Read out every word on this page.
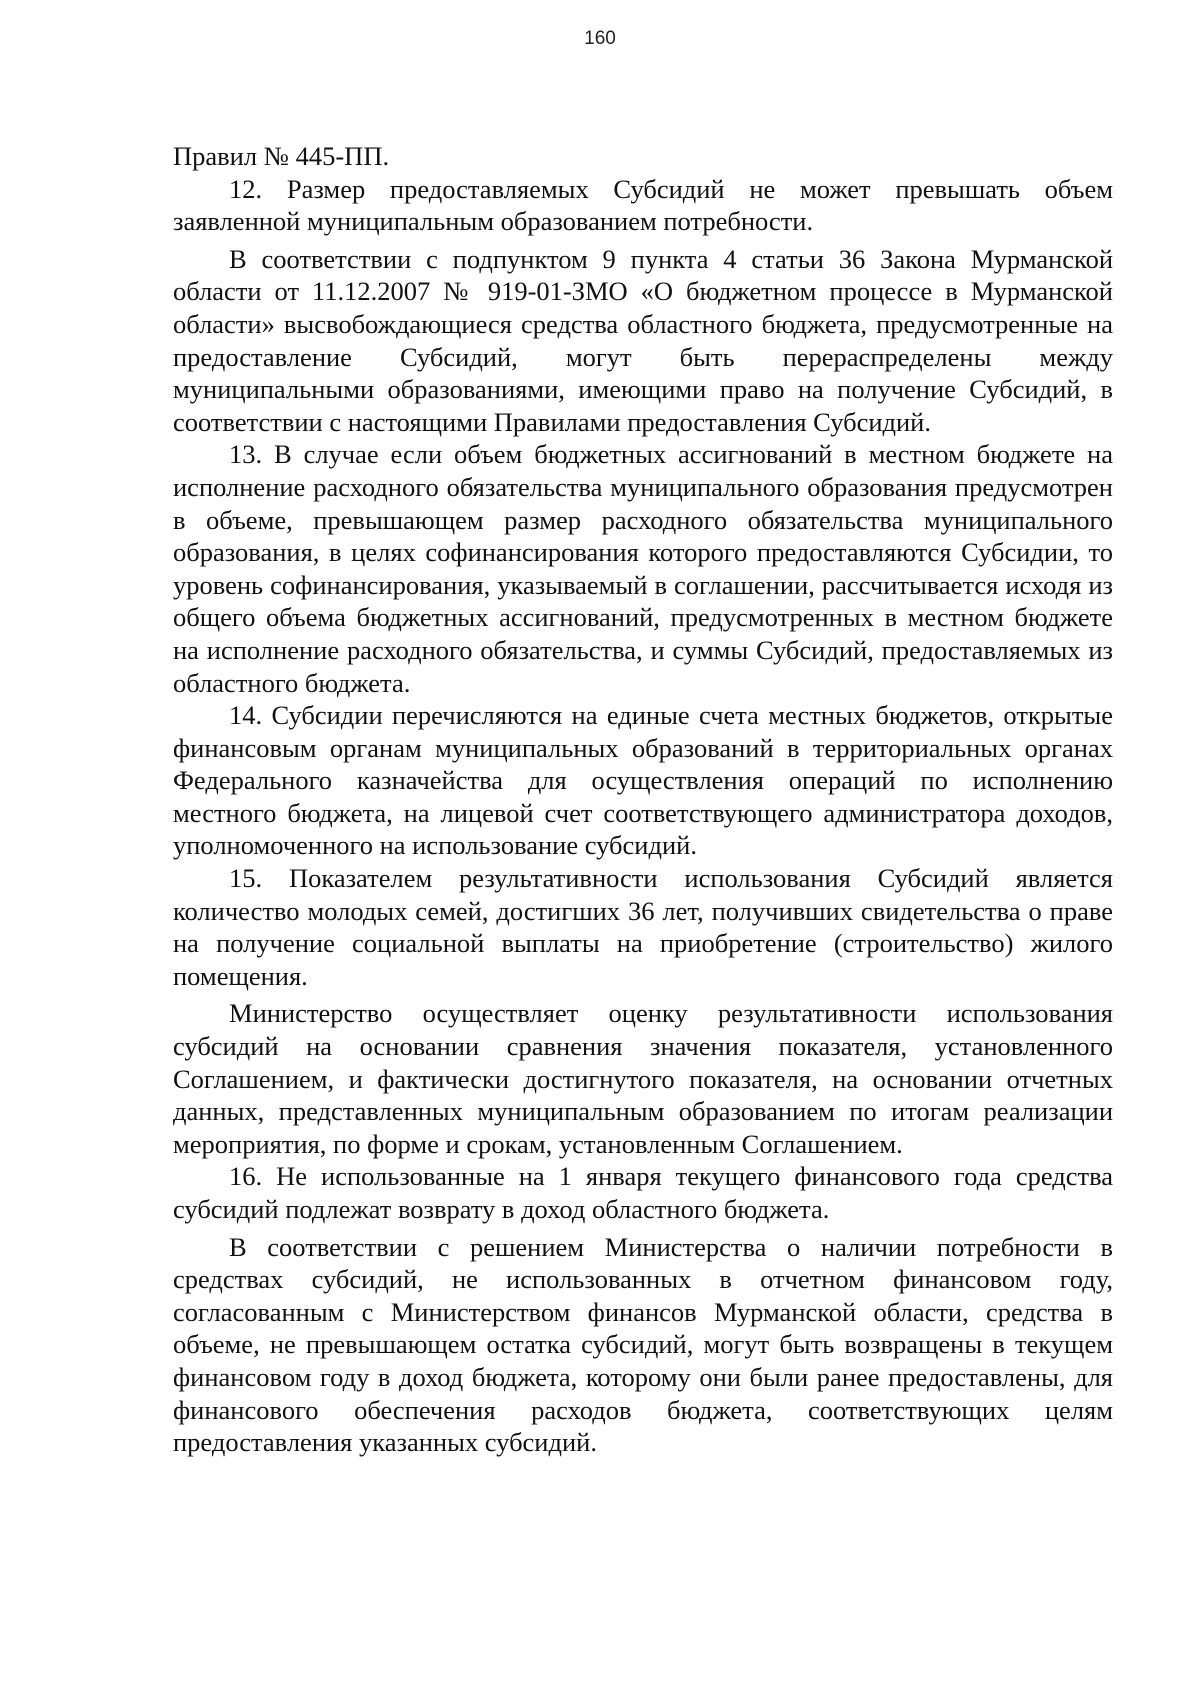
160

Правил № 445-ПП.

12. Размер предоставляемых Субсидий не может превышать объем заявленной муниципальным образованием потребности.

В соответствии с подпунктом 9 пункта 4 статьи 36 Закона Мурманской области от 11.12.2007 № 919-01-ЗМО «О бюджетном процессе в Мурманской области» высвобождающиеся средства областного бюджета, предусмотренные на предоставление Субсидий, могут быть перераспределены между муниципальными образованиями, имеющими право на получение Субсидий, в соответствии с настоящими Правилами предоставления Субсидий.

13. В случае если объем бюджетных ассигнований в местном бюджете на исполнение расходного обязательства муниципального образования предусмотрен в объеме, превышающем размер расходного обязательства муниципального образования, в целях софинансирования которого предоставляются Субсидии, то уровень софинансирования, указываемый в соглашении, рассчитывается исходя из общего объема бюджетных ассигнований, предусмотренных в местном бюджете на исполнение расходного обязательства, и суммы Субсидий, предоставляемых из областного бюджета.

14. Субсидии перечисляются на единые счета местных бюджетов, открытые финансовым органам муниципальных образований в территориальных органах Федерального казначейства для осуществления операций по исполнению местного бюджета, на лицевой счет соответствующего администратора доходов, уполномоченного на использование субсидий.

15. Показателем результативности использования Субсидий является количество молодых семей, достигших 36 лет, получивших свидетельства о праве на получение социальной выплаты на приобретение (строительство) жилого помещения.

Министерство осуществляет оценку результативности использования субсидий на основании сравнения значения показателя, установленного Соглашением, и фактически достигнутого показателя, на основании отчетных данных, представленных муниципальным образованием по итогам реализации мероприятия, по форме и срокам, установленным Соглашением.

16. Не использованные на 1 января текущего финансового года средства субсидий подлежат возврату в доход областного бюджета.

В соответствии с решением Министерства о наличии потребности в средствах субсидий, не использованных в отчетном финансовом году, согласованным с Министерством финансов Мурманской области, средства в объеме, не превышающем остатка субсидий, могут быть возвращены в текущем финансовом году в доход бюджета, которому они были ранее предоставлены, для финансового обеспечения расходов бюджета, соответствующих целям предоставления указанных субсидий.
